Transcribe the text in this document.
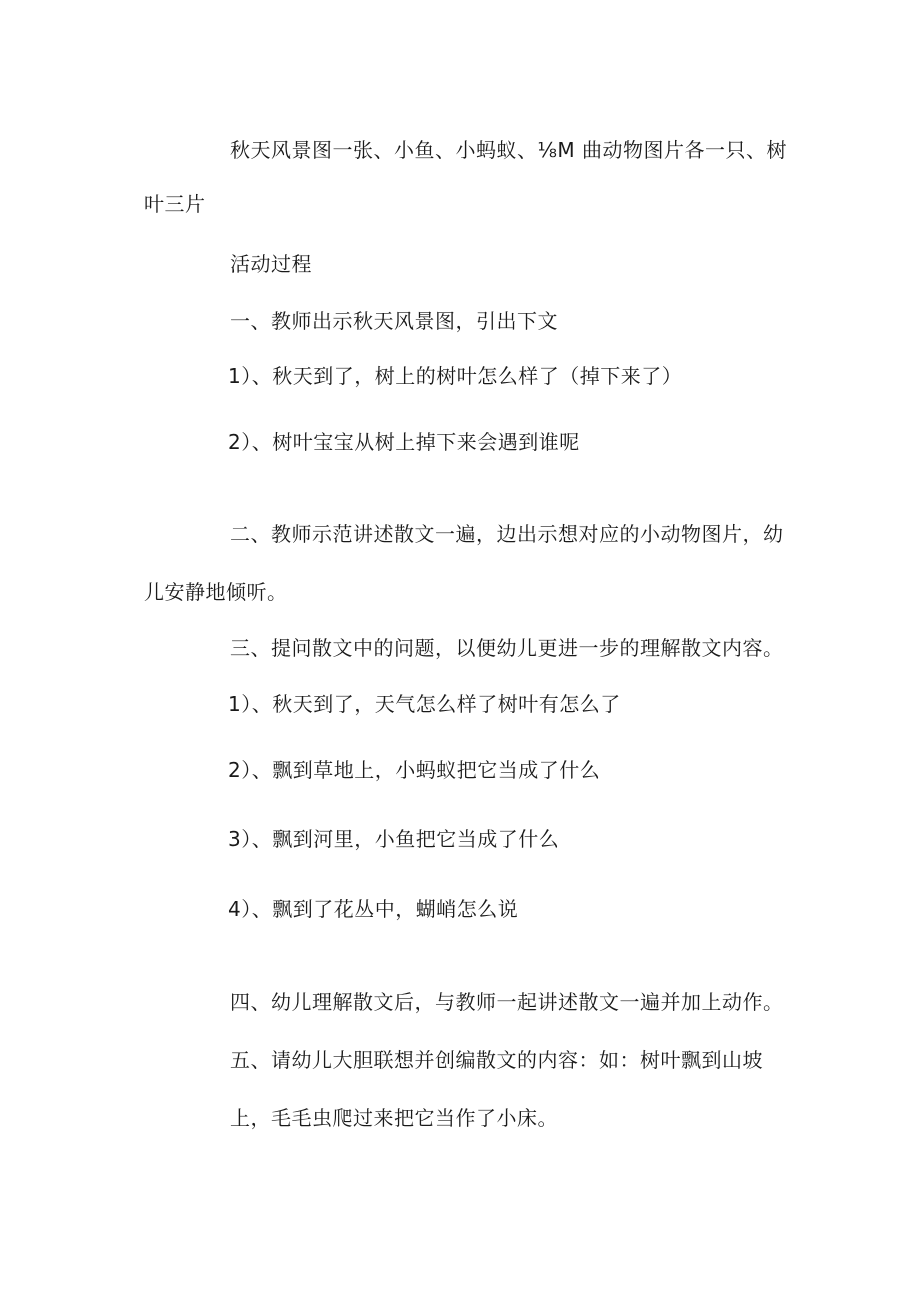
秋天风景图一张、小鱼、小蚂蚁、⅛M 曲动物图片各一只、树
叶三片
活动过程
一、教师出示秋天风景图，引出下文
1）、秋天到了，树上的树叶怎么样了（掉下来了）
2）、树叶宝宝从树上掉下来会遇到谁呢
二、教师示范讲述散文一遍，边出示想对应的小动物图片，幼
儿安静地倾听。
三、提问散文中的问题，以便幼儿更进一步的理解散文内容。
1）、秋天到了，天气怎么样了树叶有怎么了
2）、飘到草地上，小蚂蚁把它当成了什么
3）、飘到河里，小鱼把它当成了什么
4）、飘到了花丛中，蝴峭怎么说
四、幼儿理解散文后，与教师一起讲述散文一遍并加上动作。
五、请幼儿大胆联想并创编散文的内容：如：树叶飘到山坡
上，毛毛虫爬过来把它当作了小床。
